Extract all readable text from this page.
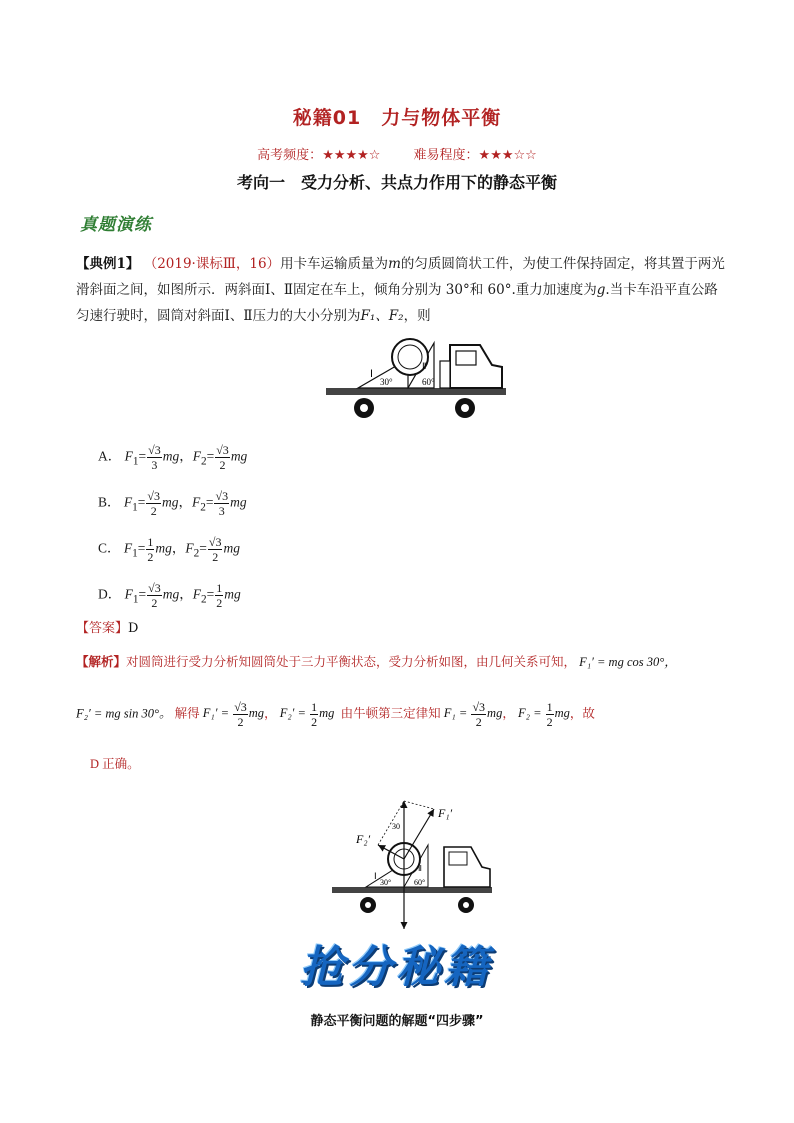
秘籍01　力与物体平衡
高考频度：★★★★☆	难易程度：★★★☆☆
考向一　受力分析、共点力作用下的静态平衡
真题演练
【典例1】 （2019·课标Ⅲ，16）用卡车运输质量为m的匀质圆筒状工件，为使工件保持固定，将其置于两光滑斜面之间，如图所示．两斜面Ⅰ、Ⅱ固定在车上，倾角分别为 30°和 60°.重力加速度为g.当卡车沿平直公路匀速行驶时，圆筒对斜面Ⅰ、Ⅱ压力的大小分别为F₁、F₂，则
Ⅰ
Ⅱ
30°	60°
A． $F_1= \frac{√3}{3}$ mg，$F_2= \frac{√3}{2}$ mg
B． $F_1= \frac{√3}{2}$ mg，$F_2= \frac{√3}{3}$ mg
C． $F_1= \frac{1}{2}$ mg，$F_2= \frac{√3}{2}$ mg
D． $F_1= \frac{√3}{2}$ mg，$F_2= \frac{1}{2}$ mg
【答案】D
【解析】对圆筒进行受力分析知圆筒处于三力平衡状态，受力分析如图，由几何关系可知， F₁′ = mg cos 30°，
F₂′ = mg sin 30°。 解得 $F_1' = \frac{√3}{2}$ mg， $F_2' = \frac{1}{2}$ mg 由牛顿第三定律知 $F_1 = \frac{√3}{2}$ mg， $F_2 = \frac{1}{2}$ mg，故
D 正确。
F₁′
F₂′
30
Ⅰ
Ⅱ
30°	60°
抢分秘籍
静态平衡问题的解题“四步骤”
